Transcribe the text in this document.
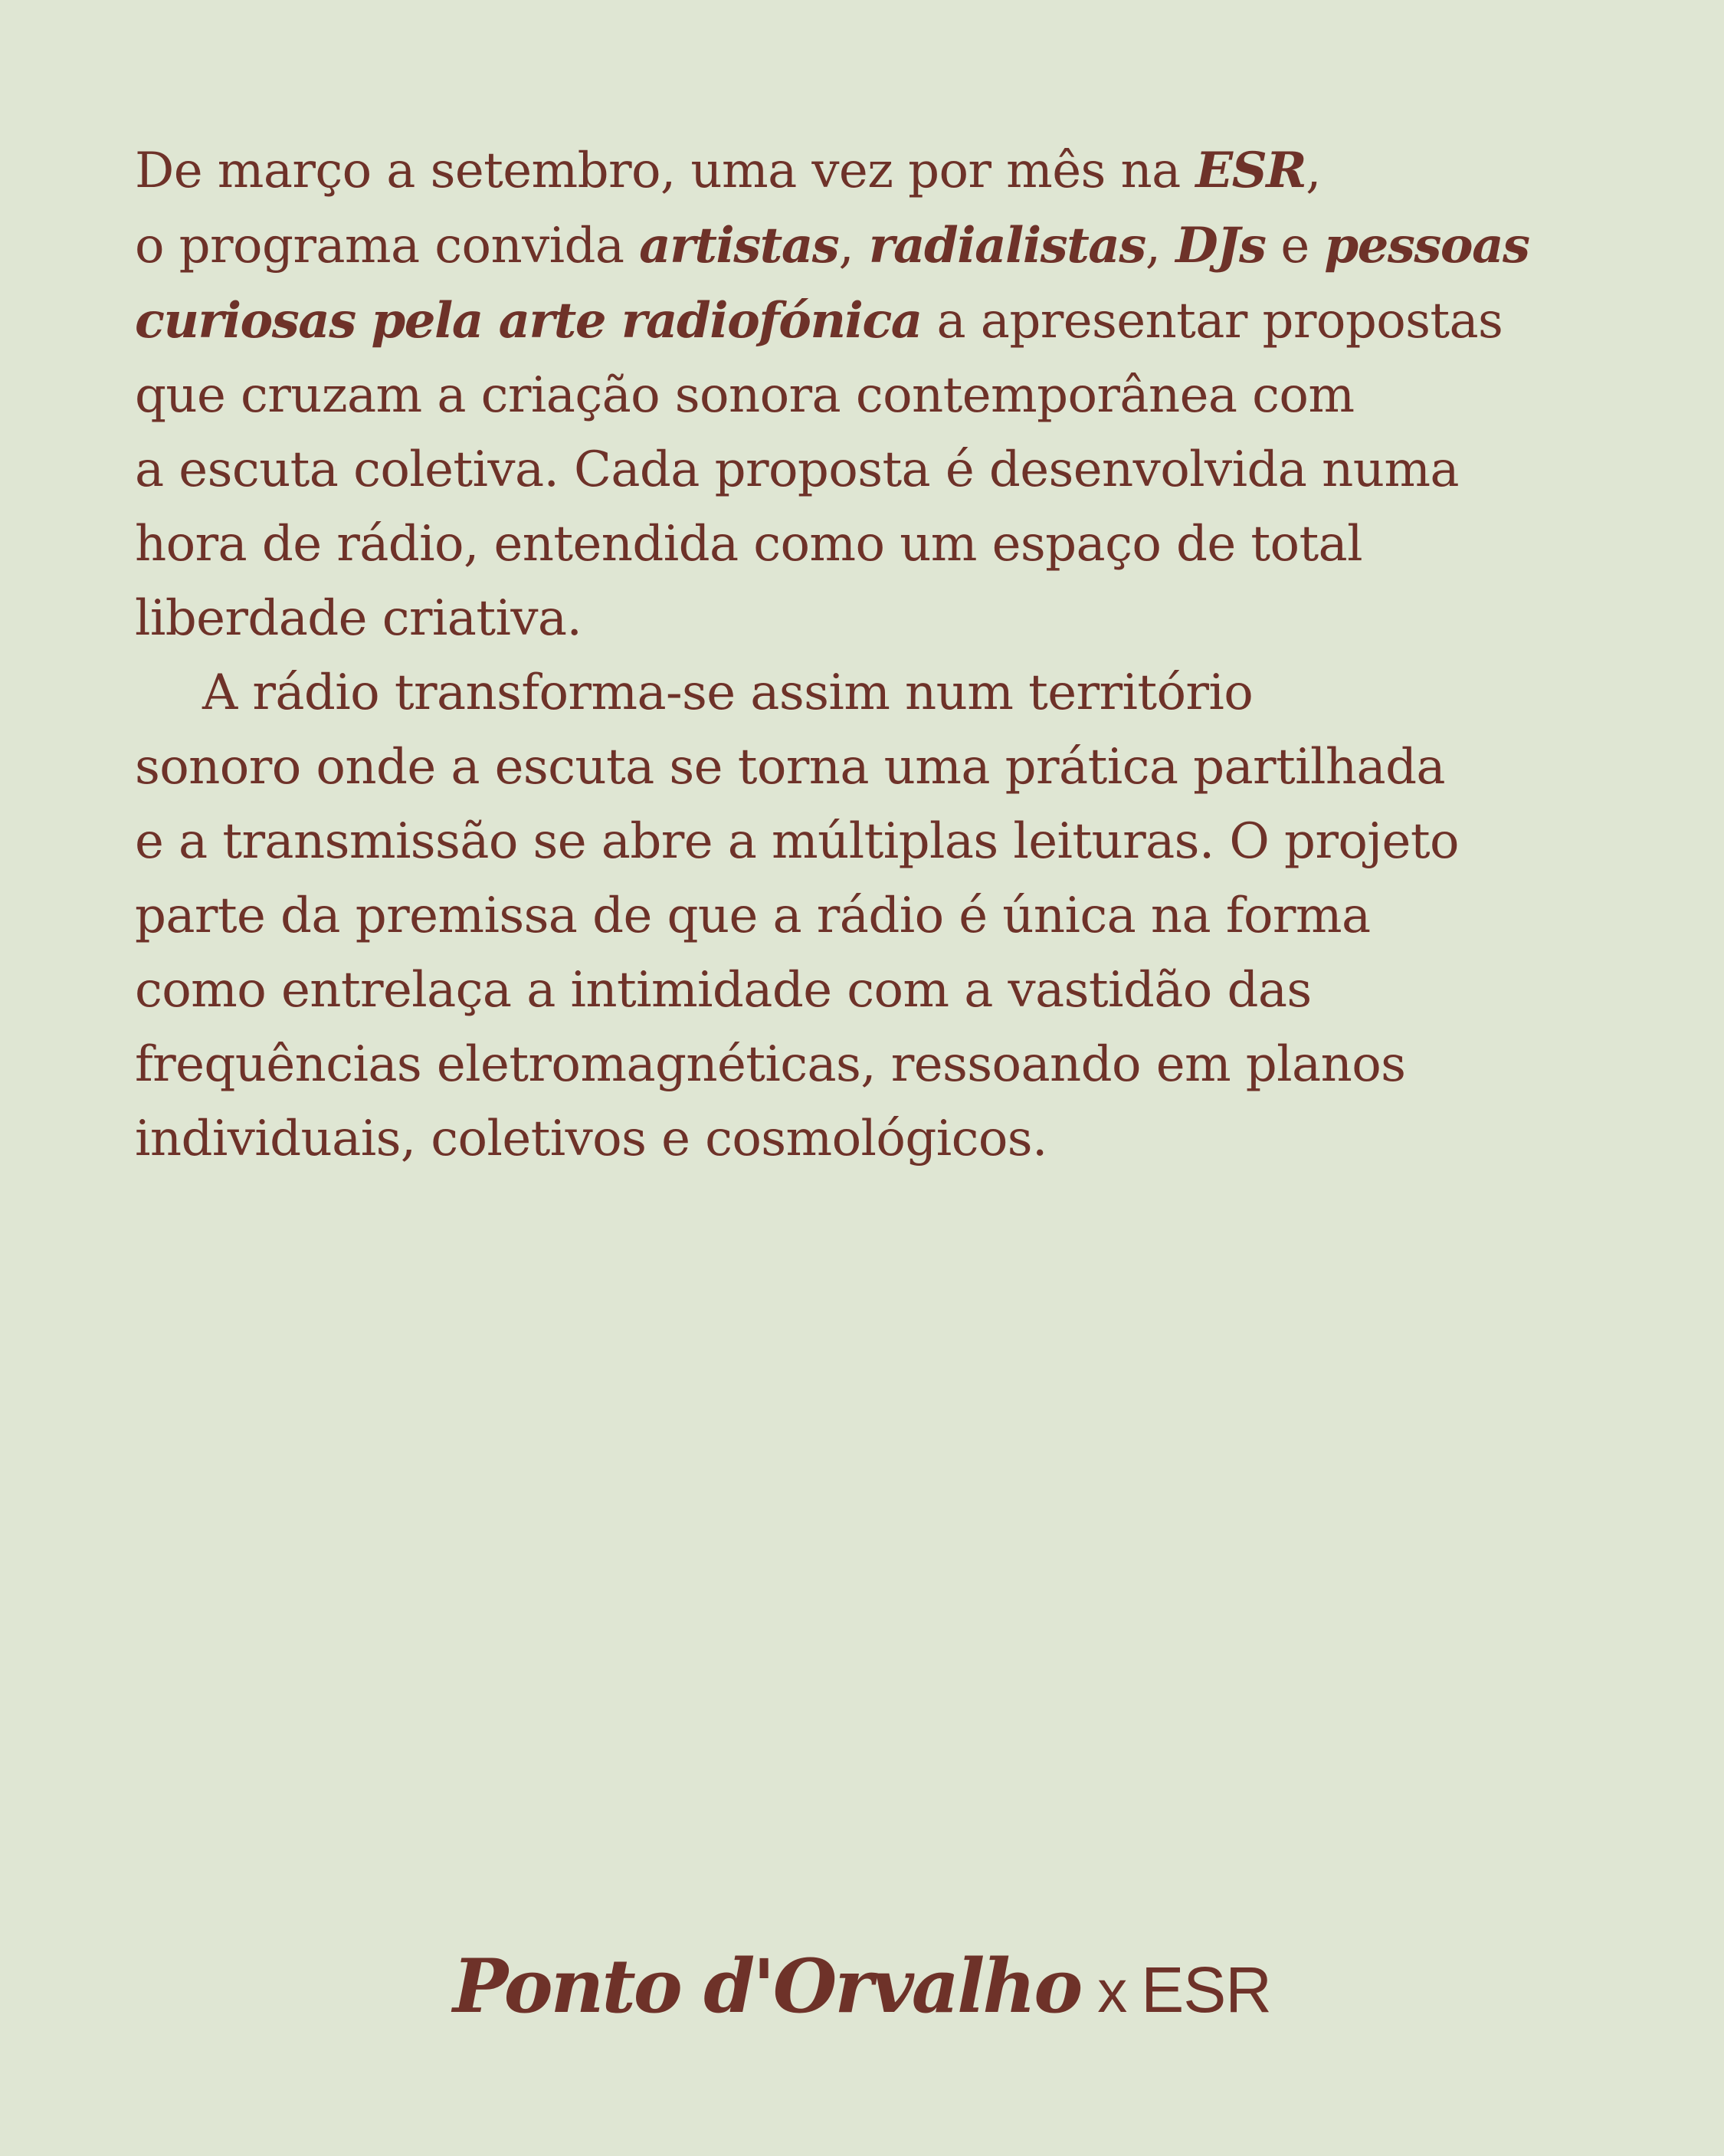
De março a setembro, uma vez por mês na ESR,
o programa convida artistas, radialistas, DJs e pessoas
curiosas pela arte radiofónica a apresentar propostas
que cruzam a criação sonora contemporânea com
a escuta coletiva. Cada proposta é desenvolvida numa
hora de rádio, entendida como um espaço de total
liberdade criativa.
A rádio transforma-se assim num território
sonoro onde a escuta se torna uma prática partilhada
e a transmissão se abre a múltiplas leituras. O projeto
parte da premissa de que a rádio é única na forma
como entrelaça a intimidade com a vastidão das
frequências eletromagnéticas, ressoando em planos
individuais, coletivos e cosmológicos.
Ponto d'Orvalho x ESR
